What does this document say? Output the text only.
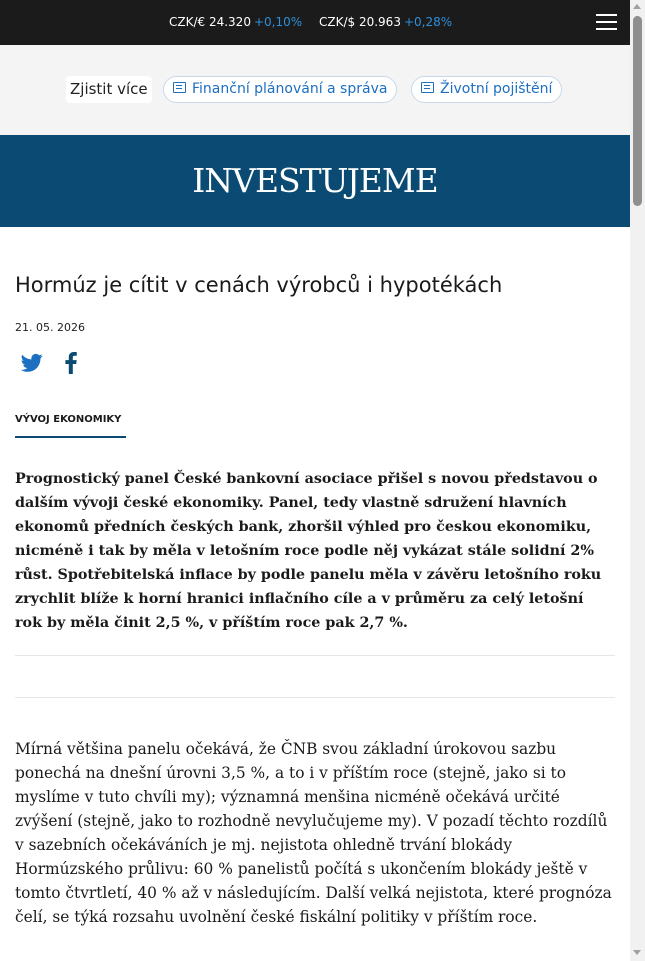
CZK/€ 24.320 +0,10% CZK/$ 20.963 +0,28%
Zjistit více	Finanční plánování a správa	Životní pojištění
INVESTUJEME
Hormúz je cítit v cenách výrobců i hypotékách
21. 05. 2026
VÝVOJ EKONOMIKY

Prognostický panel České bankovní asociace přišel s novou představou o dalším vývoji české ekonomiky. Panel, tedy vlastně sdružení hlavních ekonomů předních českých bank, zhoršil výhled pro českou ekonomiku, nicméně i tak by měla v letošním roce podle něj vykázat stále solidní 2% růst. Spotřebitelská inflace by podle panelu měla v závěru letošního roku zrychlit blíže k horní hranici inflačního cíle a v průměru za celý letošní rok by měla činit 2,5 %, v příštím roce pak 2,7 %.

Mírná většina panelu očekává, že ČNB svou základní úrokovou sazbu ponechá na dnešní úrovni 3,5 %, a to i v příštím roce (stejně, jako si to myslíme v tuto chvíli my); významná menšina nicméně očekává určité zvýšení (stejně, jako to rozhodně nevylučujeme my). V pozadí těchto rozdílů v sazebních očekáváních je mj. nejistota ohledně trvání blokády Hormúzského průlivu: 60 % panelistů počítá s ukončením blokády ještě v tomto čtvrtletí, 40 % až v následujícím. Další velká nejistota, které prognóza čelí, se týká rozsahu uvolnění české fiskální politiky v příštím roce.
